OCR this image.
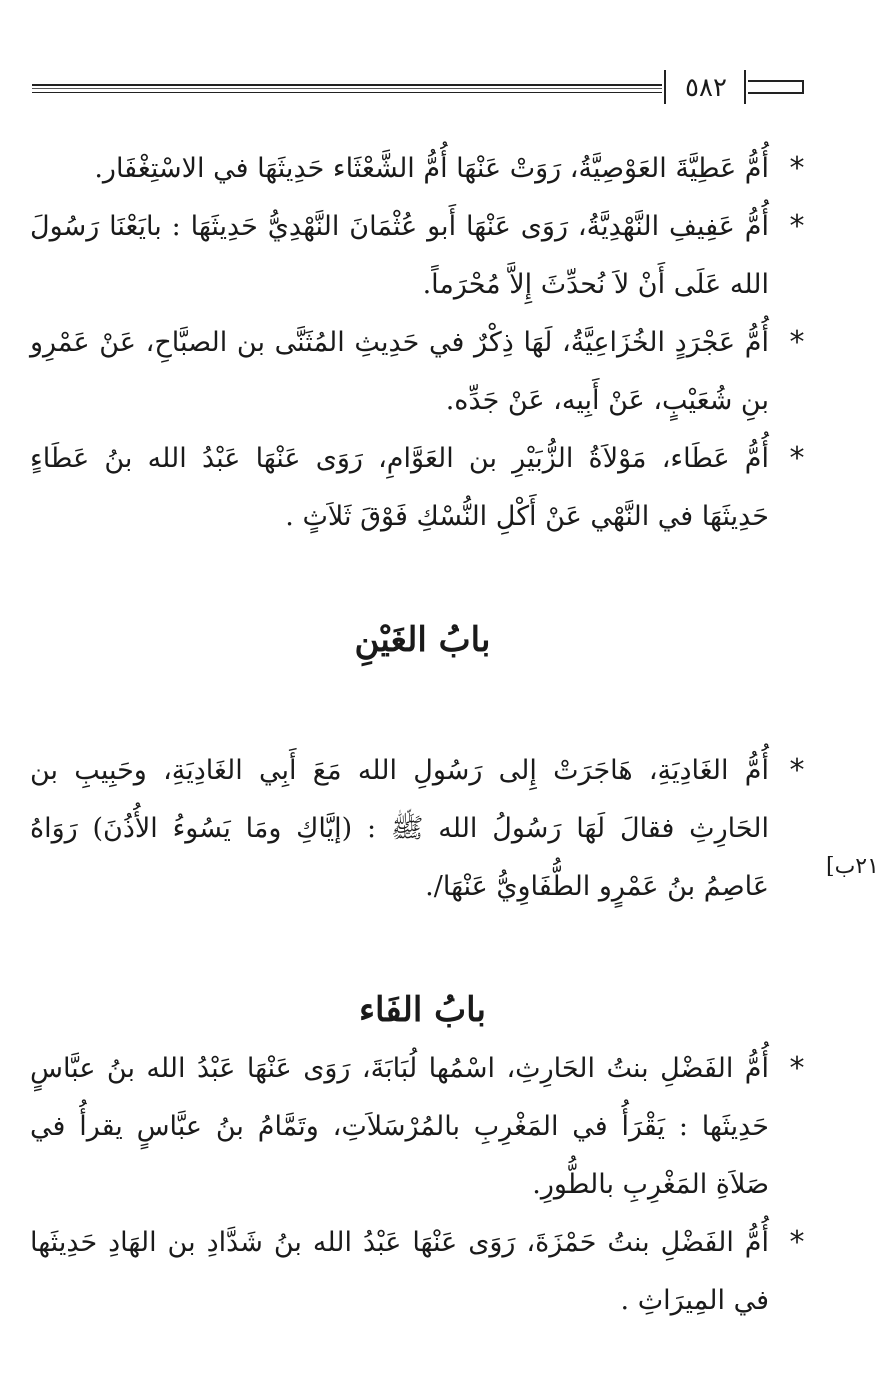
٥٨٢

*
أُمُّ عَطِيَّةَ العَوْصِيَّةُ، رَوَتْ عَنْهَا أُمُّ الشَّعْثَاء حَدِيثَهَا في الاسْتِغْفَار.

*
أُمُّ عَفِيفِ النَّهْدِيَّةُ، رَوَى عَنْهَا أَبو عُثْمَانَ النَّهْدِيُّ حَدِيثَهَا : بايَعْنَا رَسُولَ الله عَلَى أَنْ لاَ نُحدِّثَ إِلاَّ مُحْرَماً.

*
أُمُّ عَجْرَدٍ الخُزَاعِيَّةُ، لَهَا ذِكْرٌ في حَدِيثِ المُثَنَّى بن الصبَّاحِ، عَنْ عَمْرِو بنِ شُعَيْبٍ، عَنْ أَبِيه، عَنْ جَدِّه.

*
أُمُّ عَطَاء، مَوْلاَةُ الزُّبَيْرِ بن العَوَّامِ، رَوَى عَنْهَا عَبْدُ الله بنُ عَطَاءٍ حَدِيثَهَا في النَّهْي عَنْ أَكْلِ النُّسْكِ فَوْقَ ثَلاَثٍ .

بابُ الغَيْنِ

*
أُمُّ الغَادِيَةِ، هَاجَرَتْ إِلى رَسُولِ الله مَعَ أَبِي الغَادِيَةِ، وحَبِيبِ بن الحَارِثِ فقالَ لَهَا رَسُولُ الله ﷺ : (إيَّاكِ ومَا يَسُوءُ الأُذُنَ) رَوَاهُ عَاصِمُ بنُ عَمْرٍو الطُّفَاوِيُّ عَنْهَا/.

بابُ الفَاء

*
أُمُّ الفَضْلِ بنتُ الحَارِثِ، اسْمُها لُبَابَةَ، رَوَى عَنْهَا عَبْدُ الله بنُ عبَّاسٍ حَدِيثَها : يَقْرَأُ في المَغْرِبِ بالمُرْسَلاَتِ، وتَمَّامُ بنُ عبَّاسٍ يقرأُ في صَلاَةِ المَغْرِبِ بالطُّورِ.

*
أُمُّ الفَضْلِ بنتُ حَمْزَةَ، رَوَى عَنْهَا عَبْدُ الله بنُ شَدَّادِ بن الهَادِ حَدِيثَها في المِيرَاثِ .

٢١ب]
